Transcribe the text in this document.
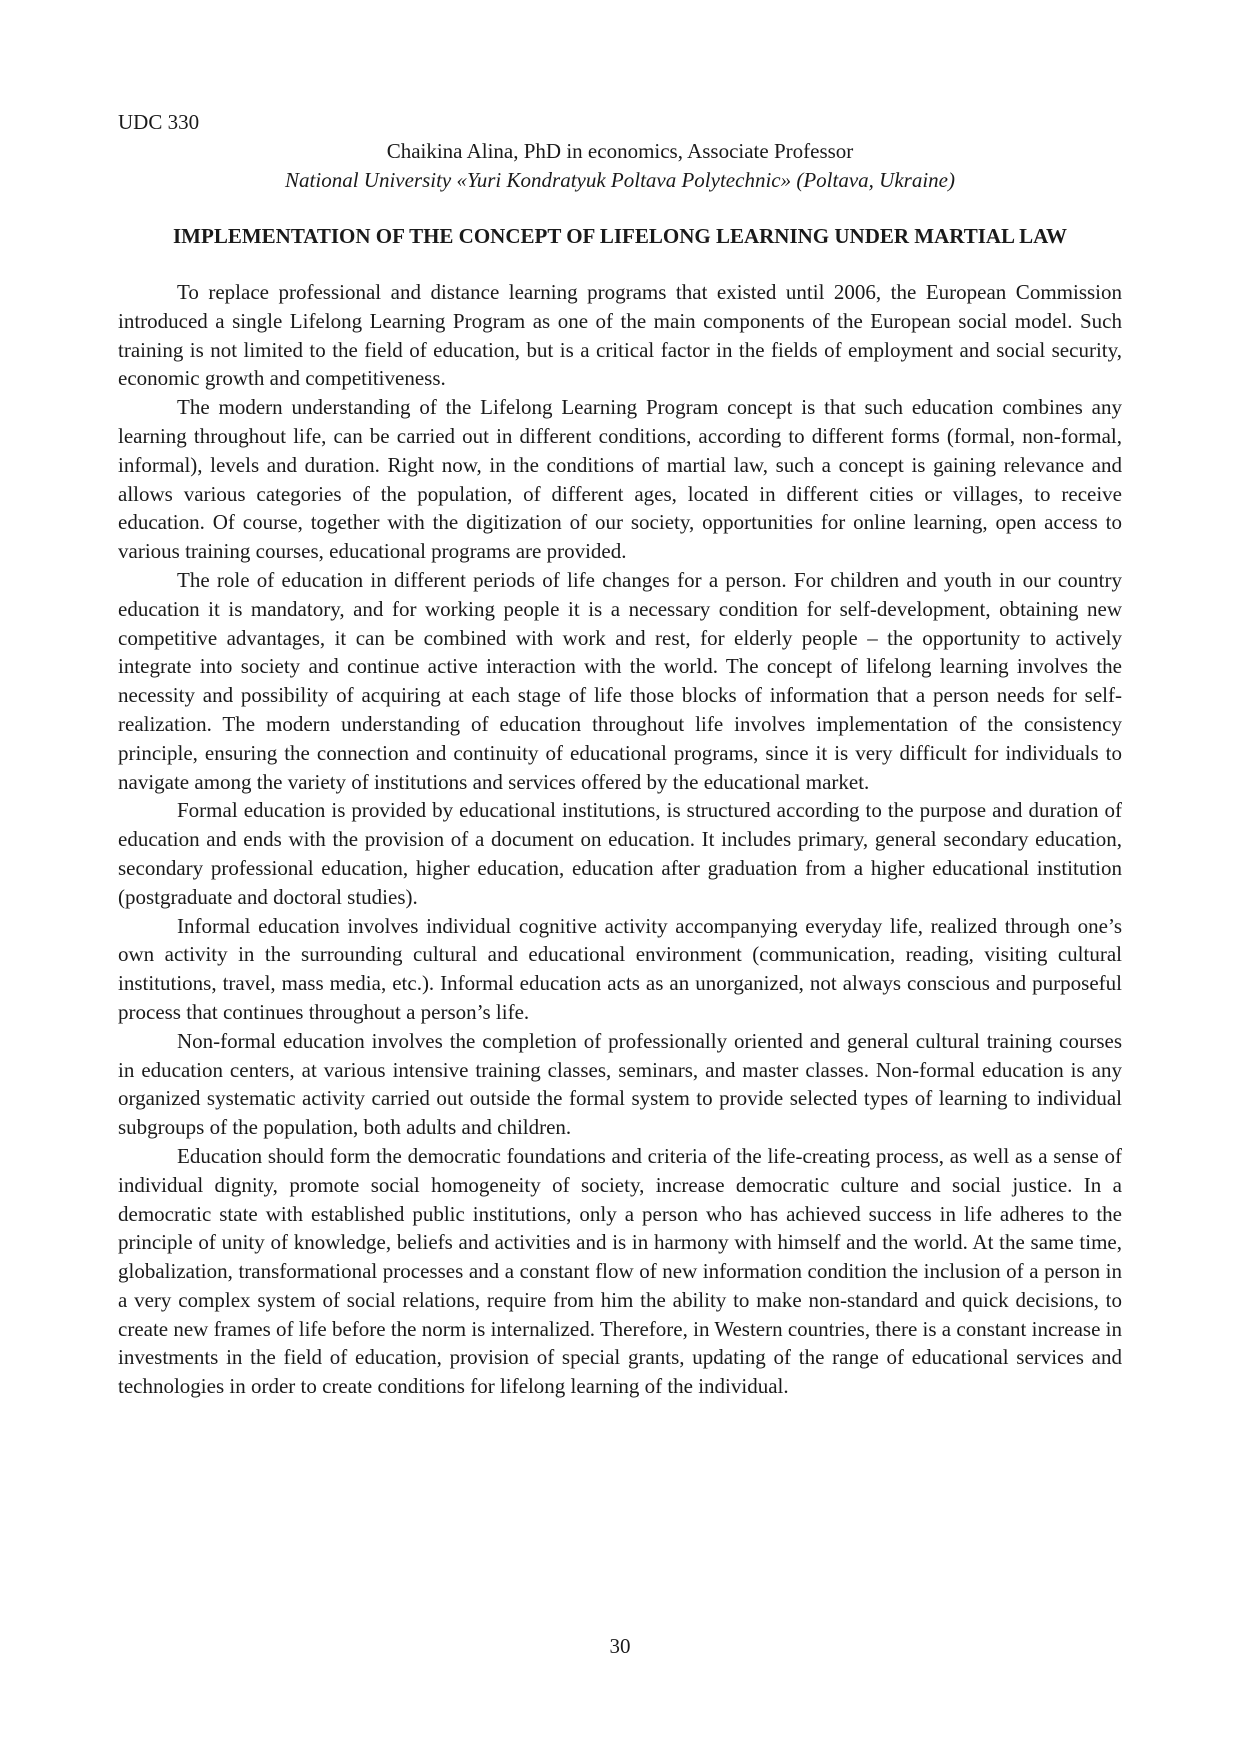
UDC 330

Chaikina Alina, PhD in economics, Associate Professor

National University «Yuri Kondratyuk Poltava Polytechnic» (Poltava, Ukraine)

IMPLEMENTATION OF THE CONCEPT OF LIFELONG LEARNING UNDER MARTIAL LAW

To replace professional and distance learning programs that existed until 2006, the European Commission introduced a single Lifelong Learning Program as one of the main components of the European social model. Such training is not limited to the field of education, but is a critical factor in the fields of employment and social security, economic growth and competitiveness.

The modern understanding of the Lifelong Learning Program concept is that such education combines any learning throughout life, can be carried out in different conditions, according to different forms (formal, non-formal, informal), levels and duration. Right now, in the conditions of martial law, such a concept is gaining relevance and allows various categories of the population, of different ages, located in different cities or villages, to receive education. Of course, together with the digitization of our society, opportunities for online learning, open access to various training courses, educational programs are provided.

The role of education in different periods of life changes for a person. For children and youth in our country education it is mandatory, and for working people it is a necessary condition for self-development, obtaining new competitive advantages, it can be combined with work and rest, for elderly people – the opportunity to actively integrate into society and continue active interaction with the world. The concept of lifelong learning involves the necessity and possibility of acquiring at each stage of life those blocks of information that a person needs for self-realization. The modern understanding of education throughout life involves implementation of the consistency principle, ensuring the connection and continuity of educational programs, since it is very difficult for individuals to navigate among the variety of institutions and services offered by the educational market.

Formal education is provided by educational institutions, is structured according to the purpose and duration of education and ends with the provision of a document on education. It includes primary, general secondary education, secondary professional education, higher education, education after graduation from a higher educational institution (postgraduate and doctoral studies).

Informal education involves individual cognitive activity accompanying everyday life, realized through one’s own activity in the surrounding cultural and educational environment (communication, reading, visiting cultural institutions, travel, mass media, etc.). Informal education acts as an unorganized, not always conscious and purposeful process that continues throughout a person’s life.

Non-formal education involves the completion of professionally oriented and general cultural training courses in education centers, at various intensive training classes, seminars, and master classes. Non-formal education is any organized systematic activity carried out outside the formal system to provide selected types of learning to individual subgroups of the population, both adults and children.

Education should form the democratic foundations and criteria of the life-creating process, as well as a sense of individual dignity, promote social homogeneity of society, increase democratic culture and social justice. In a democratic state with established public institutions, only a person who has achieved success in life adheres to the principle of unity of knowledge, beliefs and activities and is in harmony with himself and the world. At the same time, globalization, transformational processes and a constant flow of new information condition the inclusion of a person in a very complex system of social relations, require from him the ability to make non-standard and quick decisions, to create new frames of life before the norm is internalized. Therefore, in Western countries, there is a constant increase in investments in the field of education, provision of special grants, updating of the range of educational services and technologies in order to create conditions for lifelong learning of the individual.

30
